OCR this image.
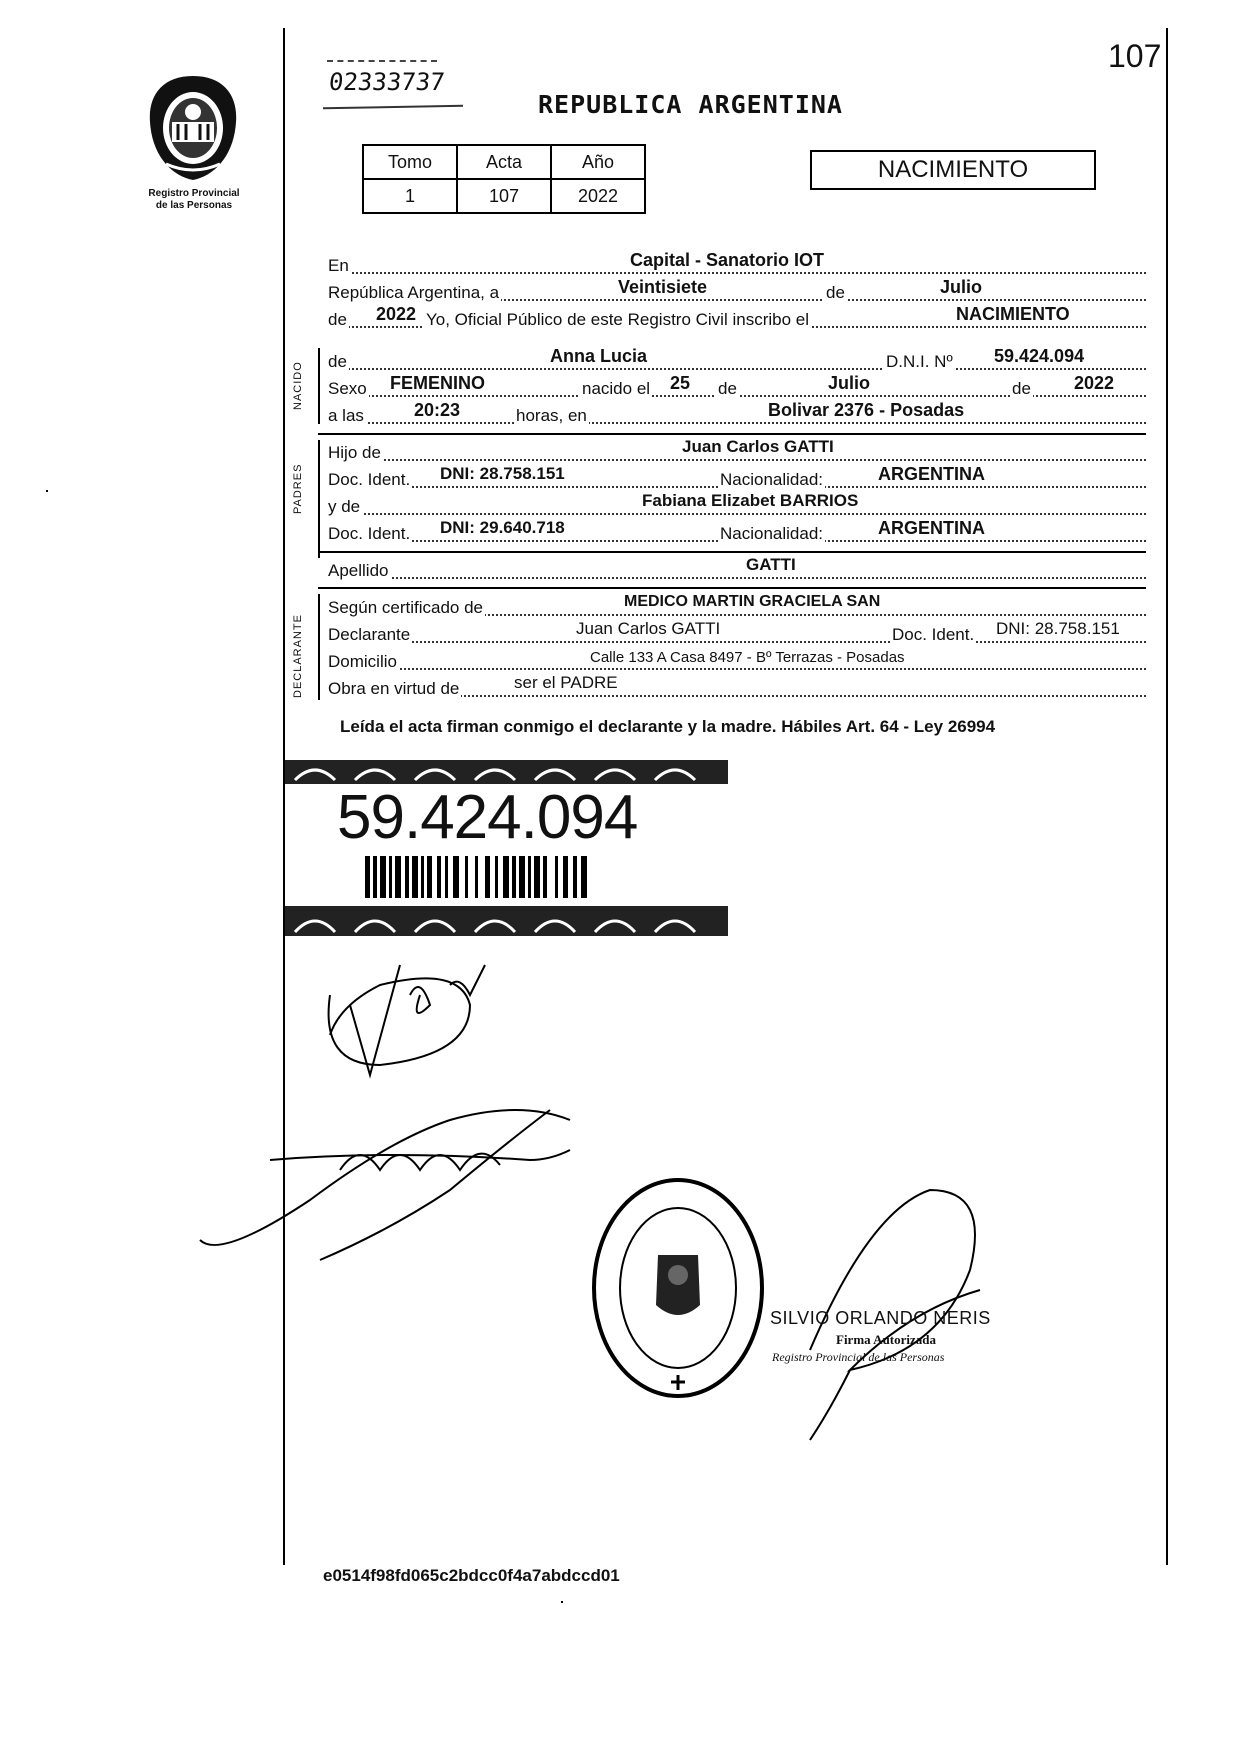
107
Registro Provincial
de las Personas
02333737
REPUBLICA ARGENTINA
Tomo	Acta	Año
1	107	2022
NACIMIENTO
En	Capital - Sanatorio IOT
República Argentina, a	Veintisiete	de	Julio
de 2022 Yo, Oficial Público de este Registro Civil inscribo el	NACIMIENTO
NACIDO de	Anna Lucia	D.N.I. Nº 59.424.094
Sexo FEMENINO	nacido el 25 de	Julio	de 2022
a las	20:23	horas, en	Bolivar 2376 - Posadas
PADRES
Hijo de	Juan Carlos GATTI
Doc. Ident. DNI: 28.758.151	Nacionalidad:	ARGENTINA
y de	Fabiana Elizabet BARRIOS
Doc. Ident. DNI: 29.640.718	Nacionalidad:	ARGENTINA
Apellido	GATTI
DECLARANTE
Según certificado de	MEDICO MARTIN GRACIELA SAN
Declarante	Juan Carlos GATTI	Doc. Ident. DNI: 28.758.151
Domicilio	Calle 133 A Casa 8497 - Bº Terrazas - Posadas
Obra en virtud de	ser el PADRE
Leída el acta firman conmigo el declarante y la madre. Hábiles Art. 64 - Ley 26994
59.424.094
SILVIO ORLANDO NERIS
Firma Autorizada
Registro Provincial de las Personas
e0514f98fd065c2bdcc0f4a7abdccd01
